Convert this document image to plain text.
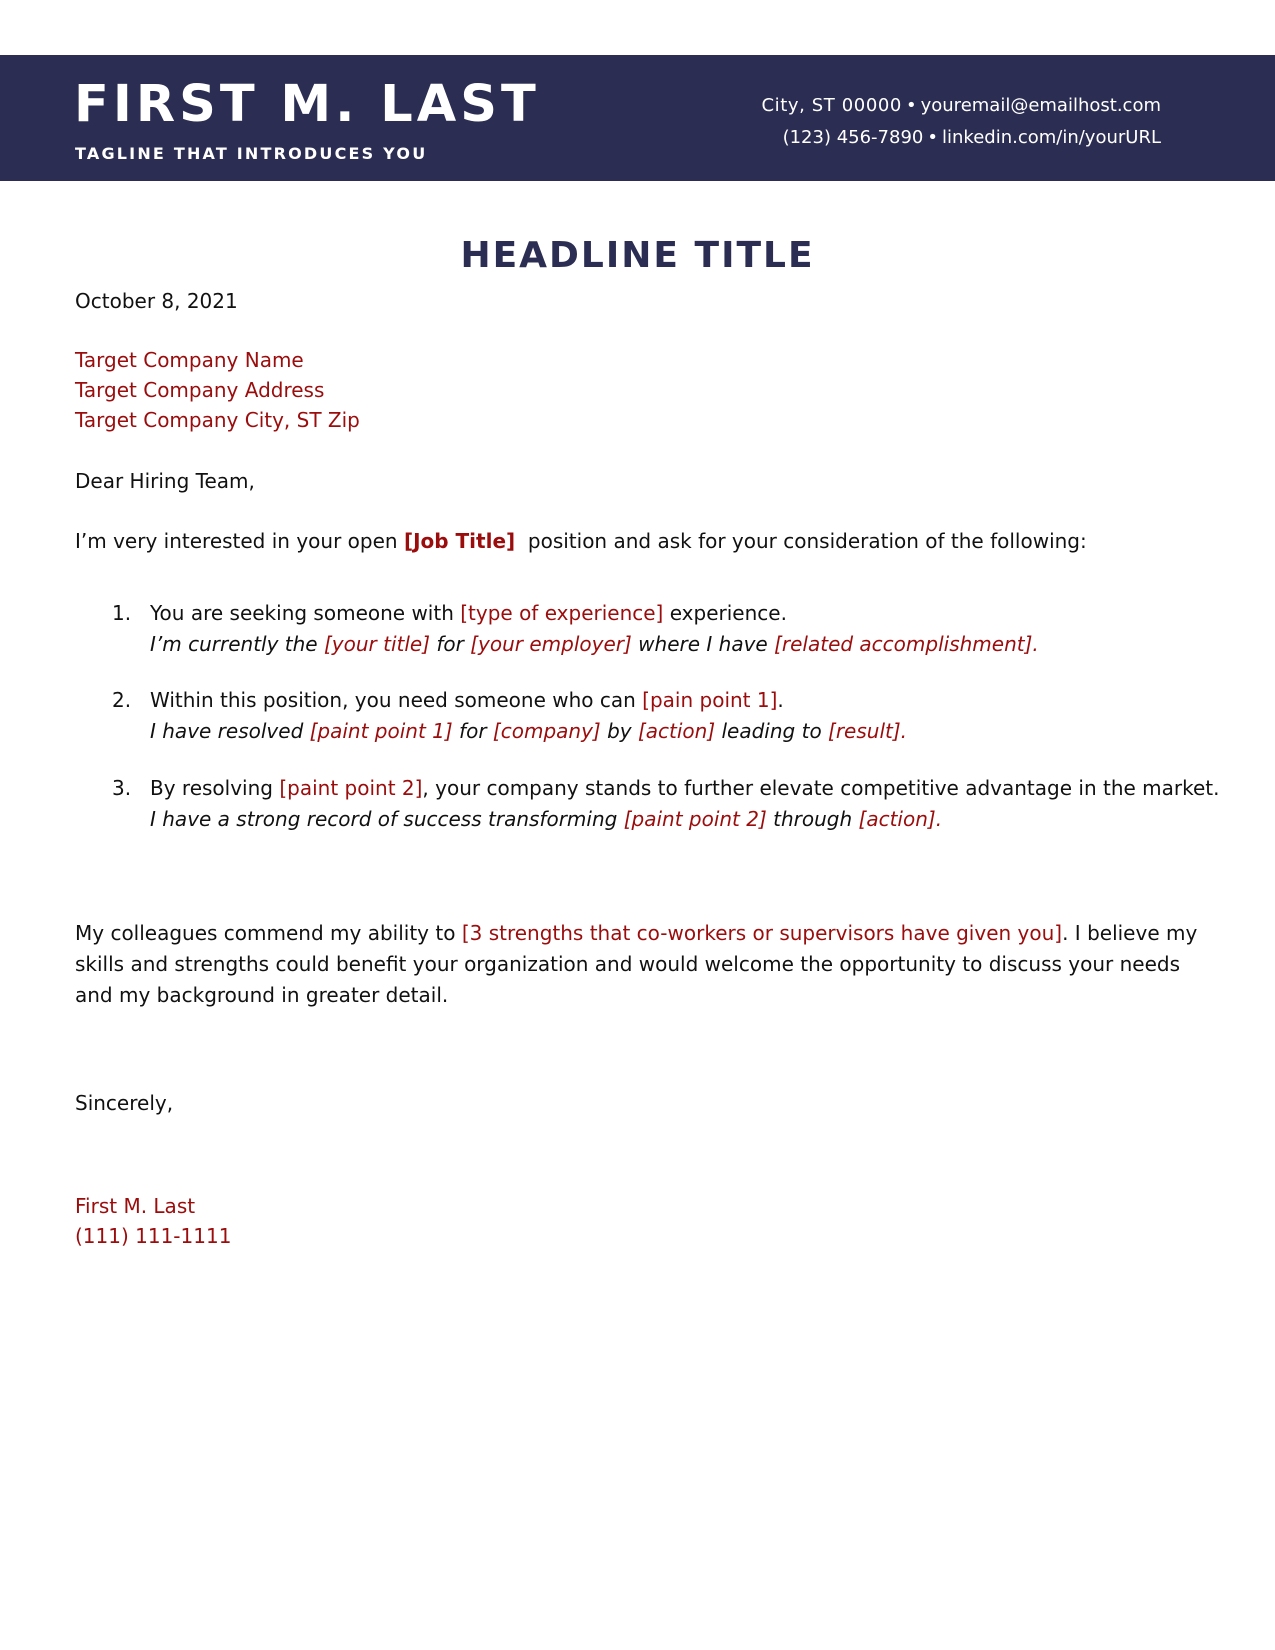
FIRST M. LAST
TAGLINE THAT INTRODUCES YOU
City, ST 00000 • youremail@emailhost.com
(123) 456-7890 • linkedin.com/in/yourURL
HEADLINE TITLE
October 8, 2021
Target Company Name
Target Company Address
Target Company City, ST Zip
Dear Hiring Team,
I’m very interested in your open [Job Title]  position and ask for your consideration of the following:
1. You are seeking someone with [type of experience] experience.
I’m currently the [your title] for [your employer] where I have [related accomplishment].
2. Within this position, you need someone who can [pain point 1].
I have resolved [paint point 1] for [company] by [action] leading to [result].
3. By resolving [paint point 2], your company stands to further elevate competitive advantage in the market.
I have a strong record of success transforming [paint point 2] through [action].
My colleagues commend my ability to [3 strengths that co-workers or supervisors have given you]. I believe my skills and strengths could benefit your organization and would welcome the opportunity to discuss your needs and my background in greater detail.
Sincerely,
First M. Last
(111) 111-1111
